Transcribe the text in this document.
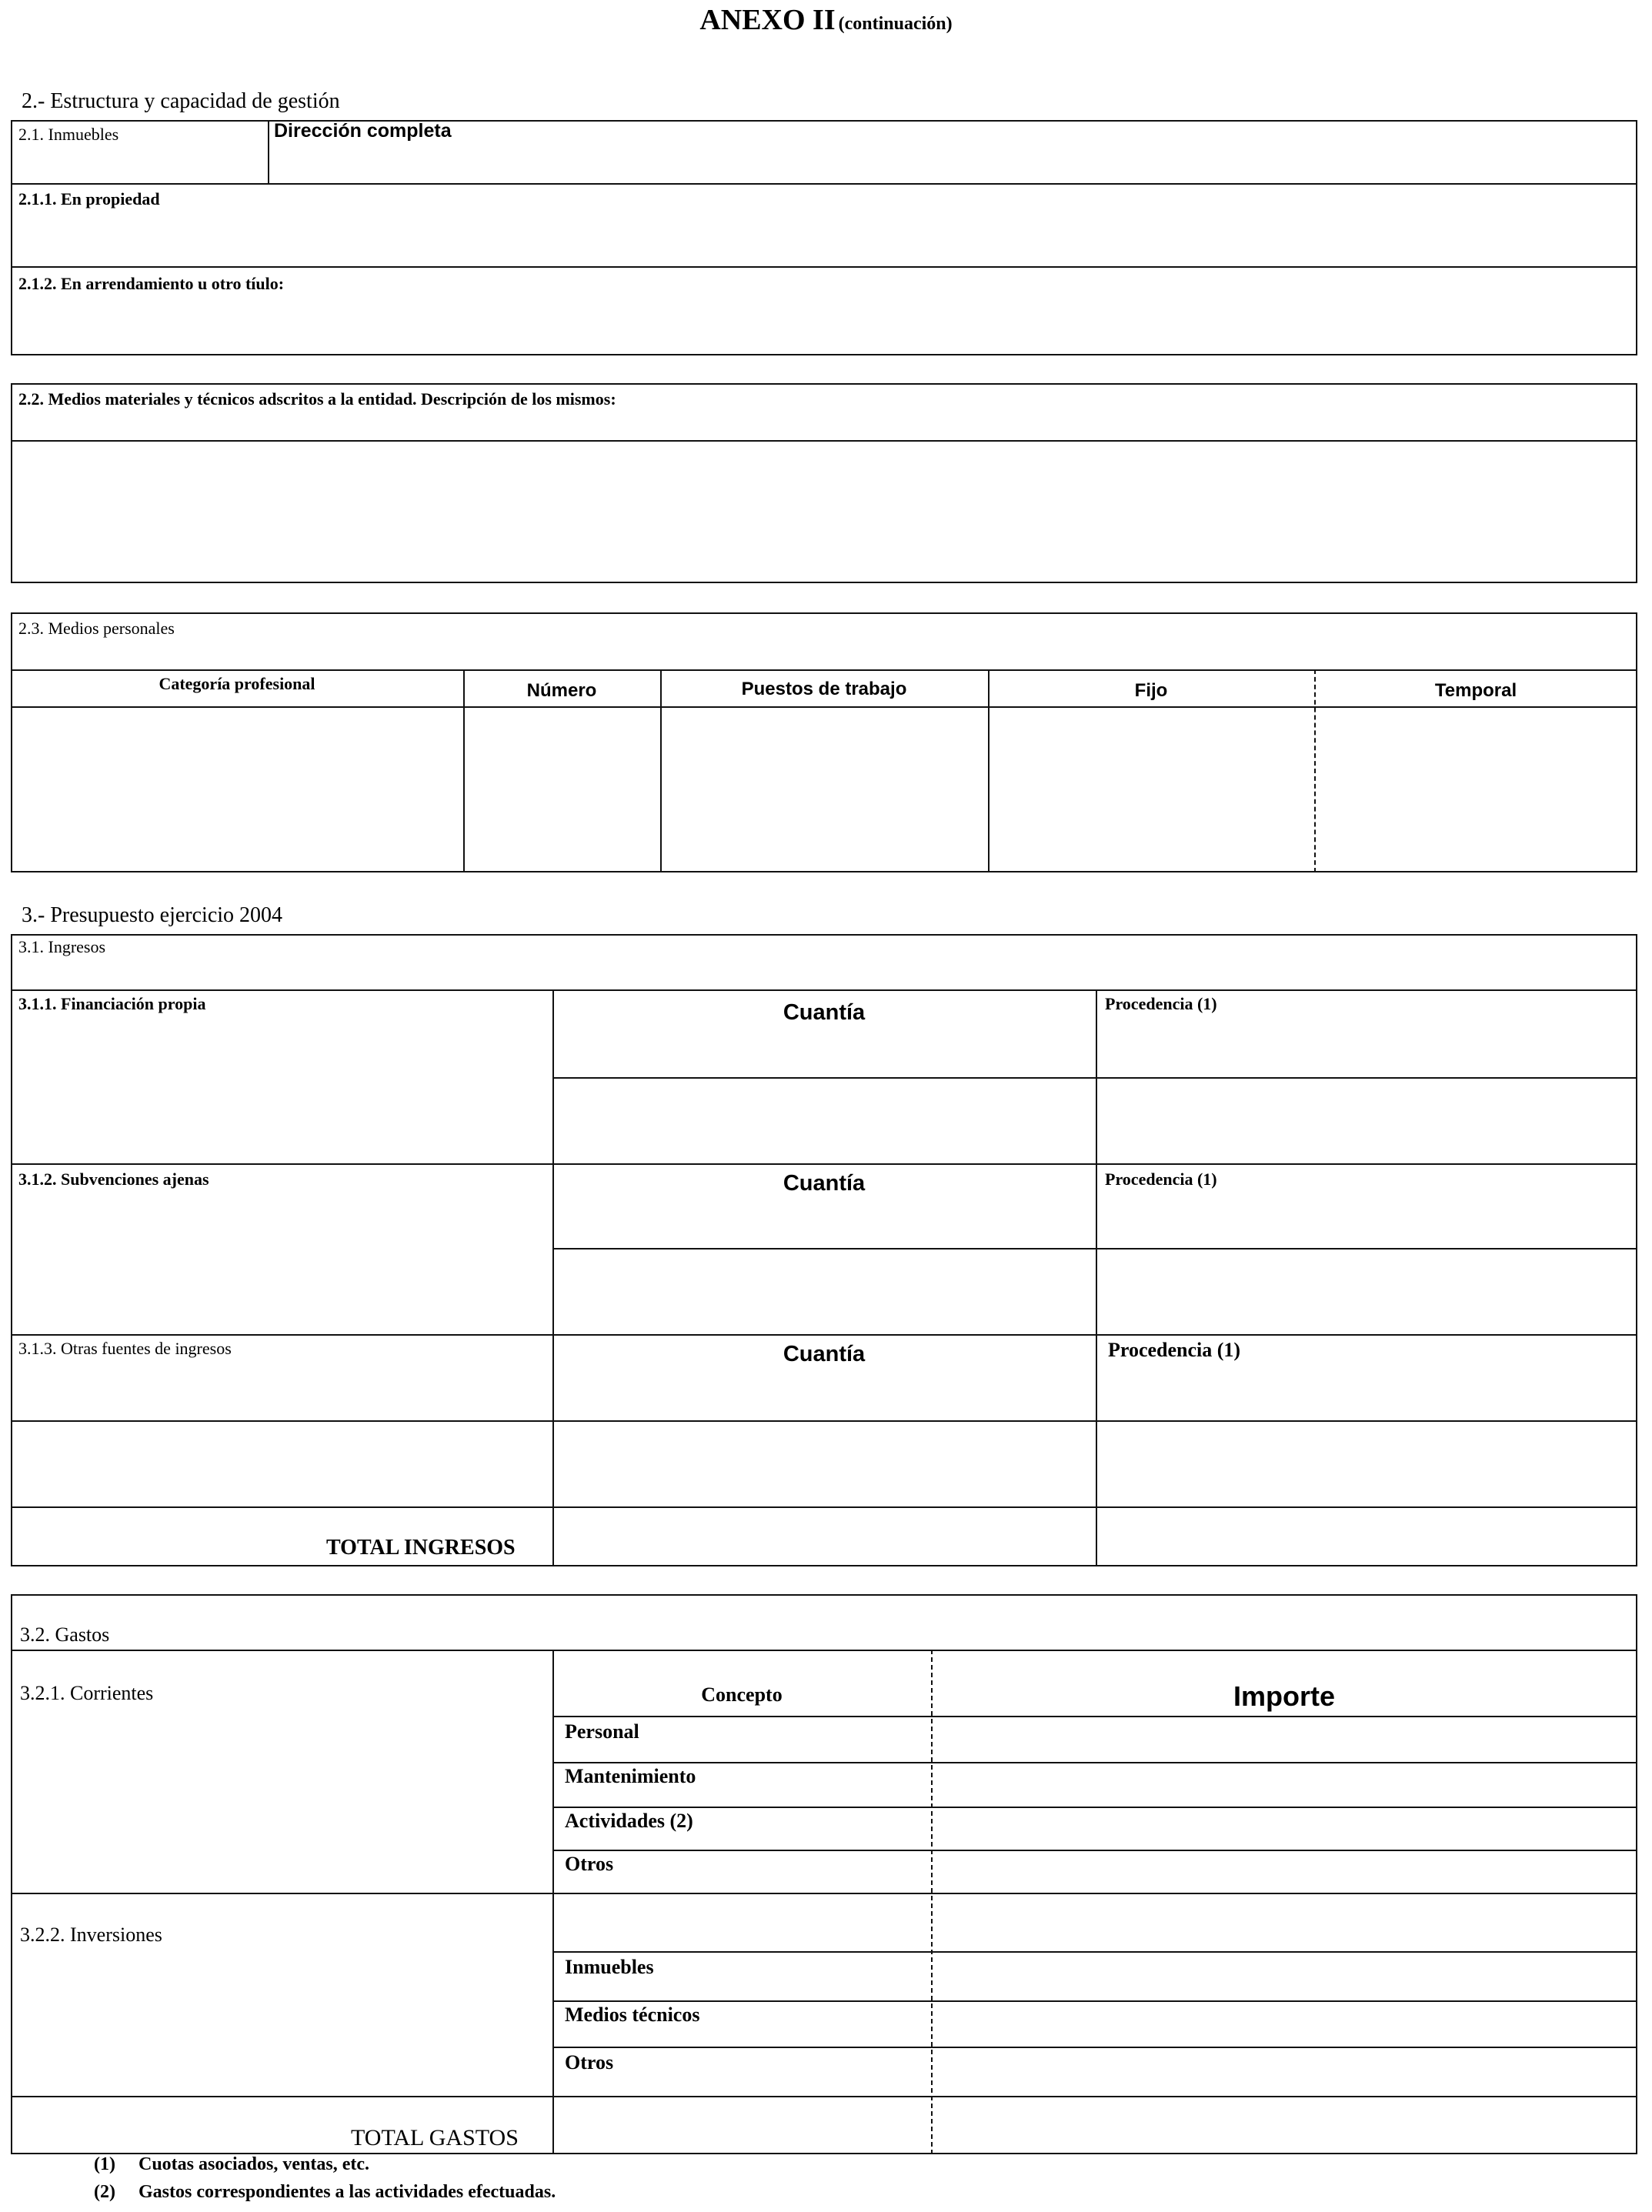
ANEXO II (continuación)
2.- Estructura y capacidad de gestión
2.1. Inmuebles	Dirección completa
2.1.1. En propiedad
2.1.2. En arrendamiento u otro tíulo:
2.2. Medios materiales y técnicos adscritos a la entidad. Descripción de los mismos:
2.3. Medios personales
Categoría profesional	Número	Puestos de trabajo	Fijo	Temporal
3.- Presupuesto ejercicio 2004
3.1. Ingresos
3.1.1. Financiación propia	Cuantía	Procedencia (1)
3.1.2. Subvenciones ajenas	Cuantía	Procedencia (1)
3.1.3. Otras fuentes de ingresos	Cuantía	Procedencia (1)
TOTAL INGRESOS
3.2. Gastos
3.2.1. Corrientes	Concepto	Importe
Personal
Mantenimiento
Actividades (2)
Otros
3.2.2. Inversiones
Inmuebles
Medios técnicos
Otros
TOTAL GASTOS
(1) Cuotas asociados, ventas, etc.
(2) Gastos correspondientes a las actividades efectuadas.
